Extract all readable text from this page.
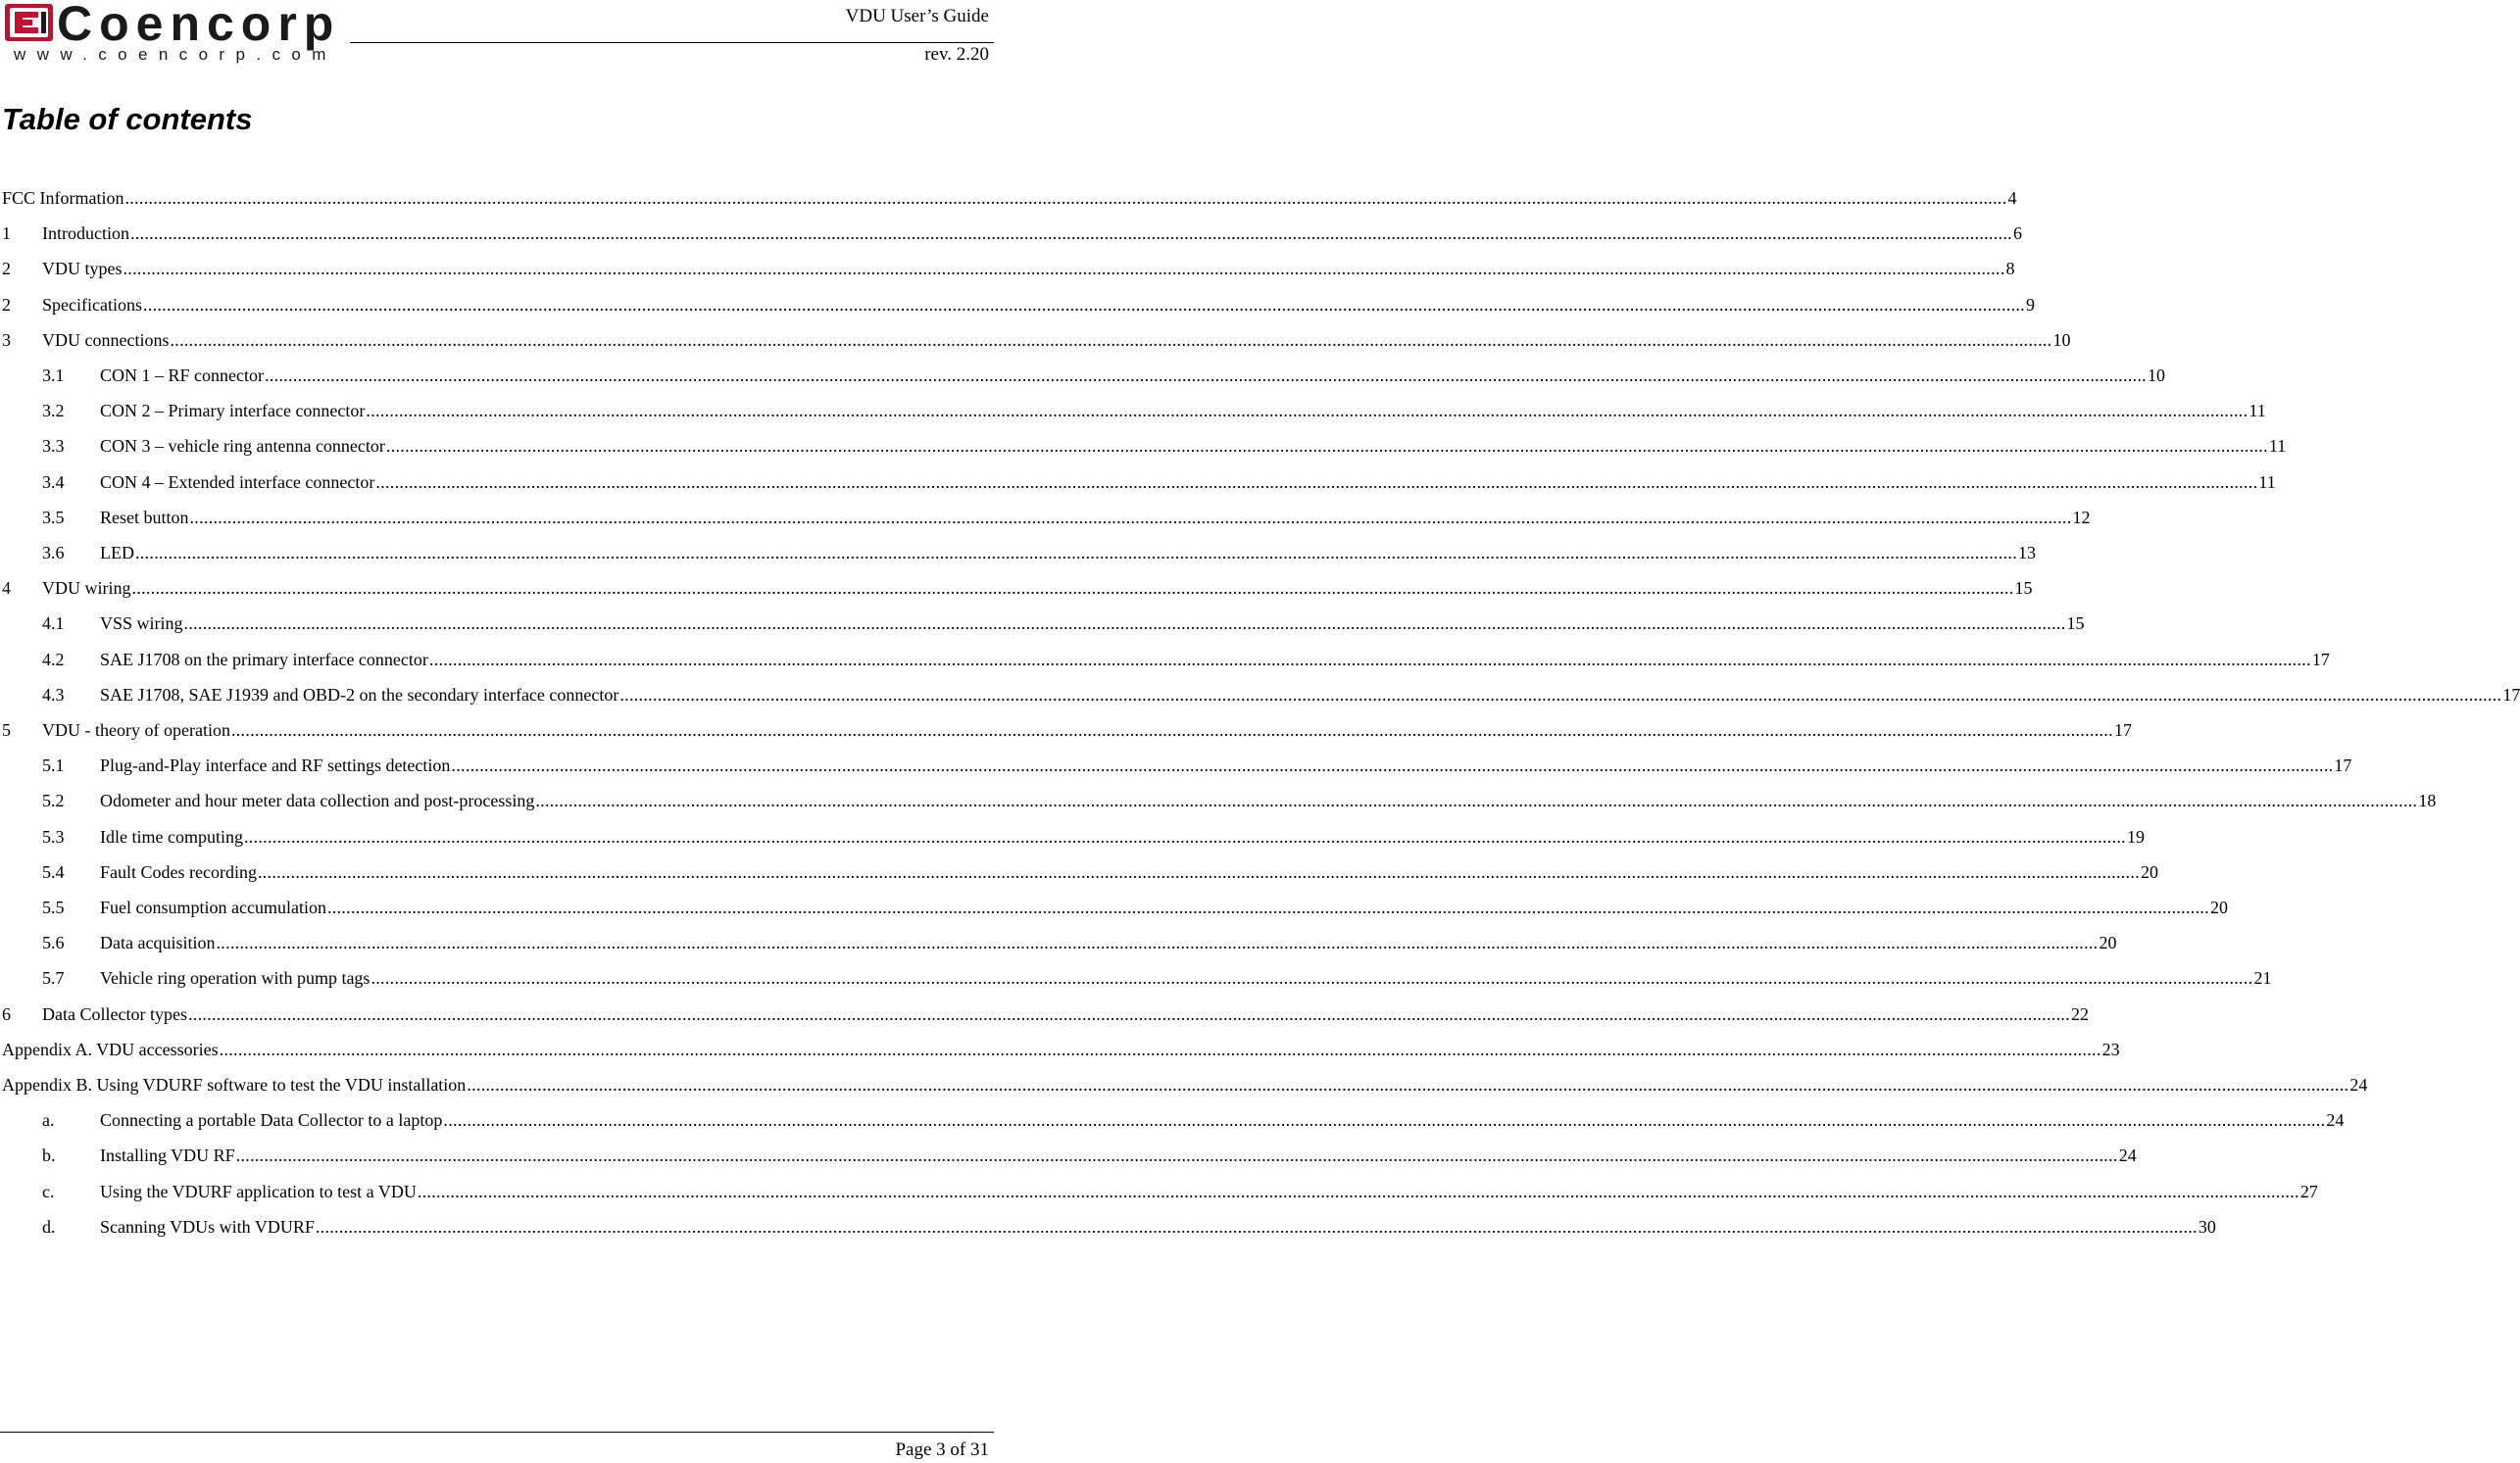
Coencorp
www.coencorp.com
VDU User’s Guide
rev. 2.20
Table of contents
FCC Information ................................................................................................................................................................................................................................................................................................................................................................................................................ 4
1 Introduction ................................................................................................................................................................................................................................................................................................................................................................................................................ 6
2 VDU types ................................................................................................................................................................................................................................................................................................................................................................................................................ 8
2 Specifications ................................................................................................................................................................................................................................................................................................................................................................................................................ 9
3 VDU connections ................................................................................................................................................................................................................................................................................................................................................................................................................ 10
3.1 CON 1 – RF connector ................................................................................................................................................................................................................................................................................................................................................................................................................ 10
3.2 CON 2 – Primary interface connector ................................................................................................................................................................................................................................................................................................................................................................................................................ 11
3.3 CON 3 – vehicle ring antenna connector ................................................................................................................................................................................................................................................................................................................................................................................................................ 11
3.4 CON 4 – Extended interface connector ................................................................................................................................................................................................................................................................................................................................................................................................................ 11
3.5 Reset button ................................................................................................................................................................................................................................................................................................................................................................................................................ 12
3.6 LED ................................................................................................................................................................................................................................................................................................................................................................................................................ 13
4 VDU wiring ................................................................................................................................................................................................................................................................................................................................................................................................................ 15
4.1 VSS wiring ................................................................................................................................................................................................................................................................................................................................................................................................................ 15
4.2 SAE J1708 on the primary interface connector ................................................................................................................................................................................................................................................................................................................................................................................................................ 17
4.3 SAE J1708, SAE J1939 and OBD-2 on the secondary interface connector ................................................................................................................................................................................................................................................................................................................................................................................................................ 17
5 VDU - theory of operation ................................................................................................................................................................................................................................................................................................................................................................................................................ 17
5.1 Plug-and-Play interface and RF settings detection ................................................................................................................................................................................................................................................................................................................................................................................................................ 17
5.2 Odometer and hour meter data collection and post-processing ................................................................................................................................................................................................................................................................................................................................................................................................................ 18
5.3 Idle time computing ................................................................................................................................................................................................................................................................................................................................................................................................................ 19
5.4 Fault Codes recording ................................................................................................................................................................................................................................................................................................................................................................................................................ 20
5.5 Fuel consumption accumulation ................................................................................................................................................................................................................................................................................................................................................................................................................ 20
5.6 Data acquisition ................................................................................................................................................................................................................................................................................................................................................................................................................ 20
5.7 Vehicle ring operation with pump tags ................................................................................................................................................................................................................................................................................................................................................................................................................ 21
6 Data Collector types ................................................................................................................................................................................................................................................................................................................................................................................................................ 22
Appendix A. VDU accessories ................................................................................................................................................................................................................................................................................................................................................................................................................ 23
Appendix B. Using VDURF software to test the VDU installation ................................................................................................................................................................................................................................................................................................................................................................................................................ 24
a.	Connecting a portable Data Collector to a laptop ................................................................................................................................................................................................................................................................................................................................................................................................................ 24
b.	Installing VDU RF ................................................................................................................................................................................................................................................................................................................................................................................................................ 24
c.	Using the VDURF application to test a VDU ................................................................................................................................................................................................................................................................................................................................................................................................................ 27
d.	Scanning VDUs with VDURF ................................................................................................................................................................................................................................................................................................................................................................................................................ 30
Page 3 of 31
